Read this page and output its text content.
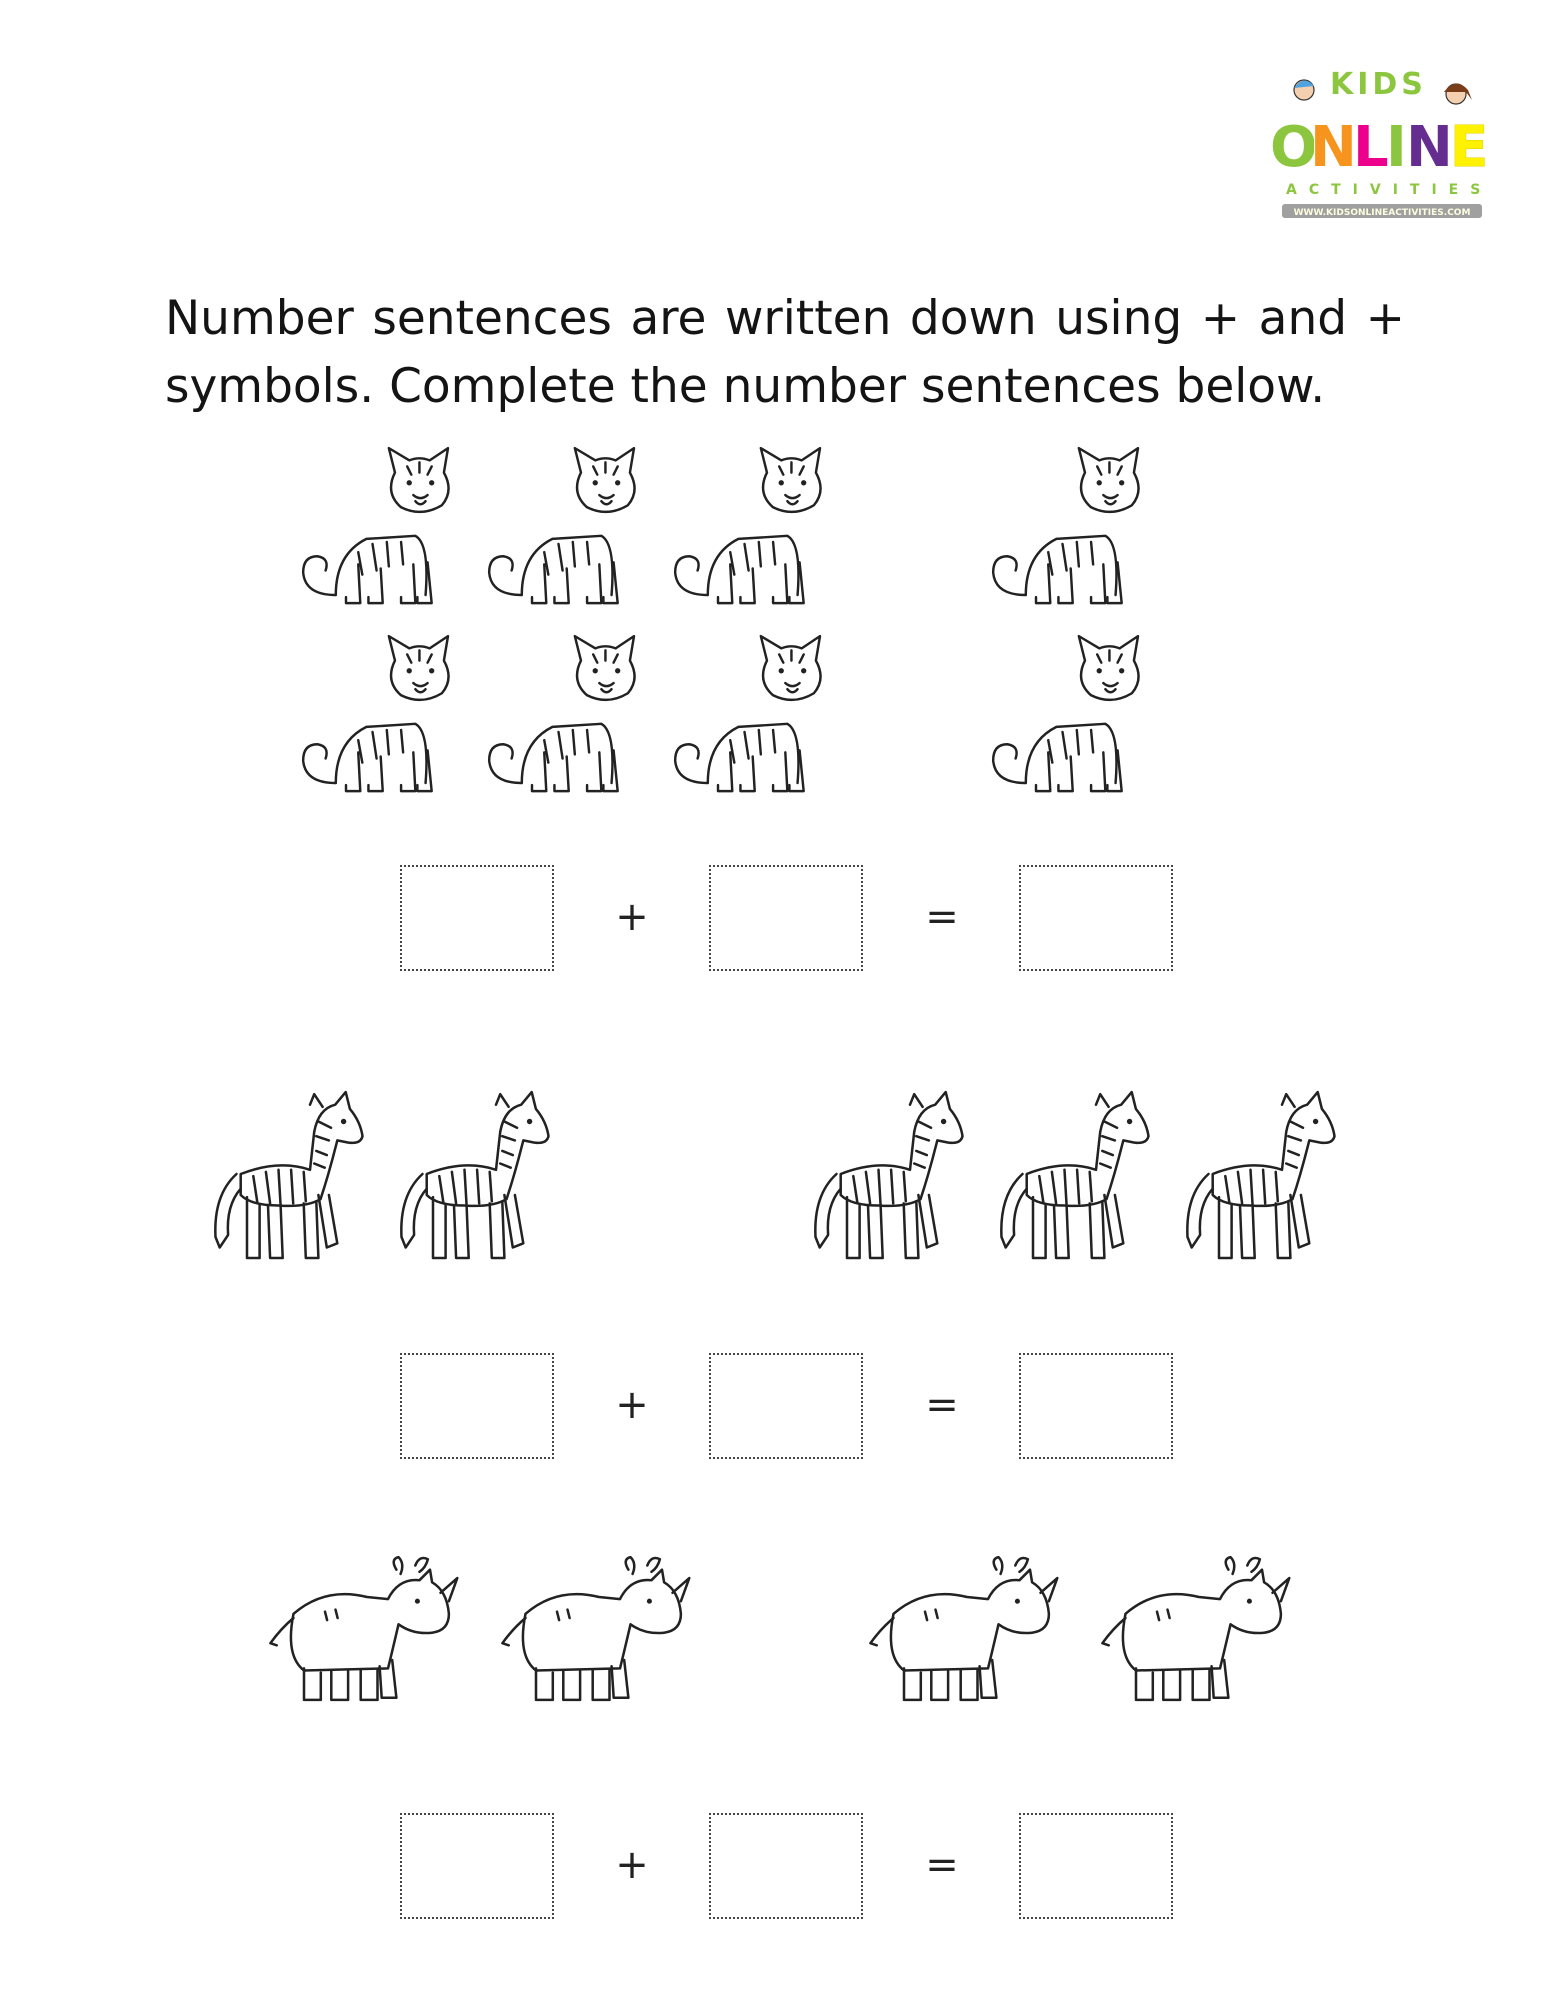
KIDS
O
N
L
I N
E
ACTIVITIES
WWW.KIDSONLINEACTIVITIES.COM

Number sentences are written down using + and + symbols. Complete the number sentences below.

+	=
+	=
+	=
